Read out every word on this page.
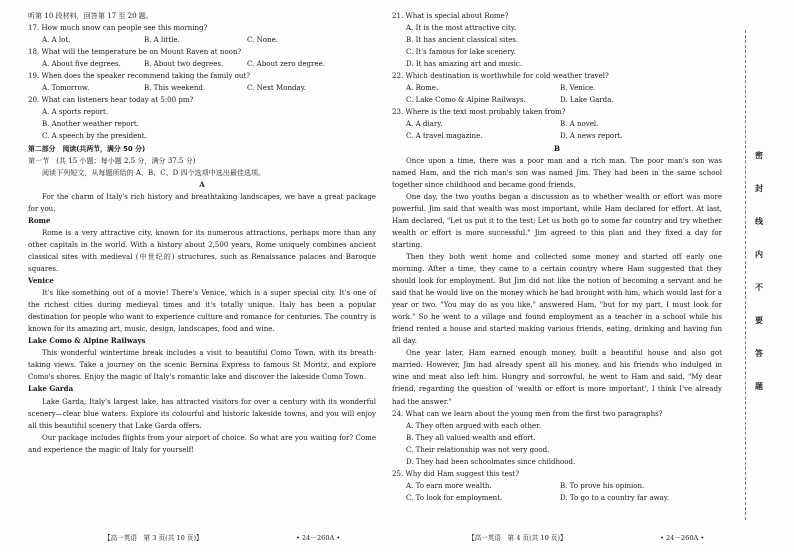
听第 10 段材料，回答第 17 至 20 题。
17. How much snow can people see this morning?
A. A lot.	B. A little.	C. None.
18. What will the temperature be on Mount Raven at noon?
A. About five degrees.	B. About two degrees.	C. About zero degree.
19. When does the speaker recommend taking the family out?
A. Tomorrow.	B. This weekend.	C. Next Monday.
20. What can listeners hear today at 5:00 pm?
A. A sports report.
B. Another weather report.
C. A speech by the president.
第二部分　阅读(共两节，满分 50 分)
第一节　(共 15 小题；每小题 2.5 分，满分 37.5 分)
阅读下列短文，从每题所给的 A、B、C、D 四个选项中选出最佳选项。
A
For the charm of Italy's rich history and breathtaking landscapes, we have a great package for you.
Rome
Rome is a very attractive city, known for its numerous attractions, perhaps more than any other capitals in the world. With a history about 2,500 years, Rome uniquely combines ancient classical sites with medieval (中世纪的) structures, such as Renaissance palaces and Baroque squares.
Venice
It's like something out of a movie! There's Venice, which is a super special city. It's one of the richest cities during medieval times and it's totally unique. Italy has been a popular destination for people who want to experience culture and romance for centuries. The country is known for its amazing art, music, design, landscapes, food and wine.
Lake Como & Alpine Railways
This wonderful wintertime break includes a visit to beautiful Como Town, with its breath-taking views. Take a journey on the scenic Bernina Express to famous St Moritz, and explore Como's shores. Enjoy the magic of Italy's romantic lake and discover the lakeside Como Town.
Lake Garda
Lake Garda, Italy's largest lake, has attracted visitors for over a century with its wonderful scenery—clear blue waters. Explore its colourful and historic lakeside towns, and you will enjoy all this beautiful scenery that Lake Garda offers.
Our package includes flights from your airport of choice. So what are you waiting for? Come and experience the magic of Italy for yourself!
21. What is special about Rome?
A. It is the most attractive city.
B. It has ancient classical sites.
C. It's famous for lake scenery.
D. It has amazing art and music.
22. Which destination is worthwhile for cold weather travel?
A. Rome.	B. Venice.
C. Lake Como & Alpine Railways.	D. Lake Garda.
23. Where is the text most probably taken from?
A. A diary.	B. A novel.
C. A travel magazine.	D. A news report.
B
Once upon a time, there was a poor man and a rich man. The poor man's son was named Ham, and the rich man's son was named Jim. They had been in the same school together since childhood and became good friends.
One day, the two youths began a discussion as to whether wealth or effort was more powerful. Jim said that wealth was most important, while Ham declared for effort. At last, Ham declared, "Let us put it to the test; Let us both go to some far country and try whether wealth or effort is more successful." Jim agreed to this plan and they fixed a day for starting.
Then they both went home and collected some money and started off early one morning. After a time, they came to a certain country where Ham suggested that they should look for employment. But Jim did not like the notion of becoming a servant and he said that he would live on the money which he had brought with him, which would last for a year or two. "You may do as you like," answered Ham, "but for my part, I must look for work." So he went to a village and found employment as a teacher in a school while his friend rented a house and started making various friends, eating, drinking and having fun all day.
One year later, Ham earned enough money, built a beautiful house and also got married. However, Jim had already spent all his money, and his friends who indulged in wine and meat also left him. Hungry and sorrowful, he went to Ham and said, "My dear friend, regarding the question of 'wealth or effort is more important', I think I've already had the answer."
24. What can we learn about the young men from the first two paragraphs?
A. They often argued with each other.
B. They all valued wealth and effort.
C. Their relationship was not very good.
D. They had been schoolmates since childhood.
25. Why did Ham suggest this test?
A. To earn more wealth.	B. To prove his opinion.
C. To look for employment.	D. To go to a country far away.
【高一英语　第 3 页(共 10 页)】	• 24－260A •	【高一英语　第 4 页(共 10 页)】	• 24－260A •
密
封
线
内
不
要
答
题
